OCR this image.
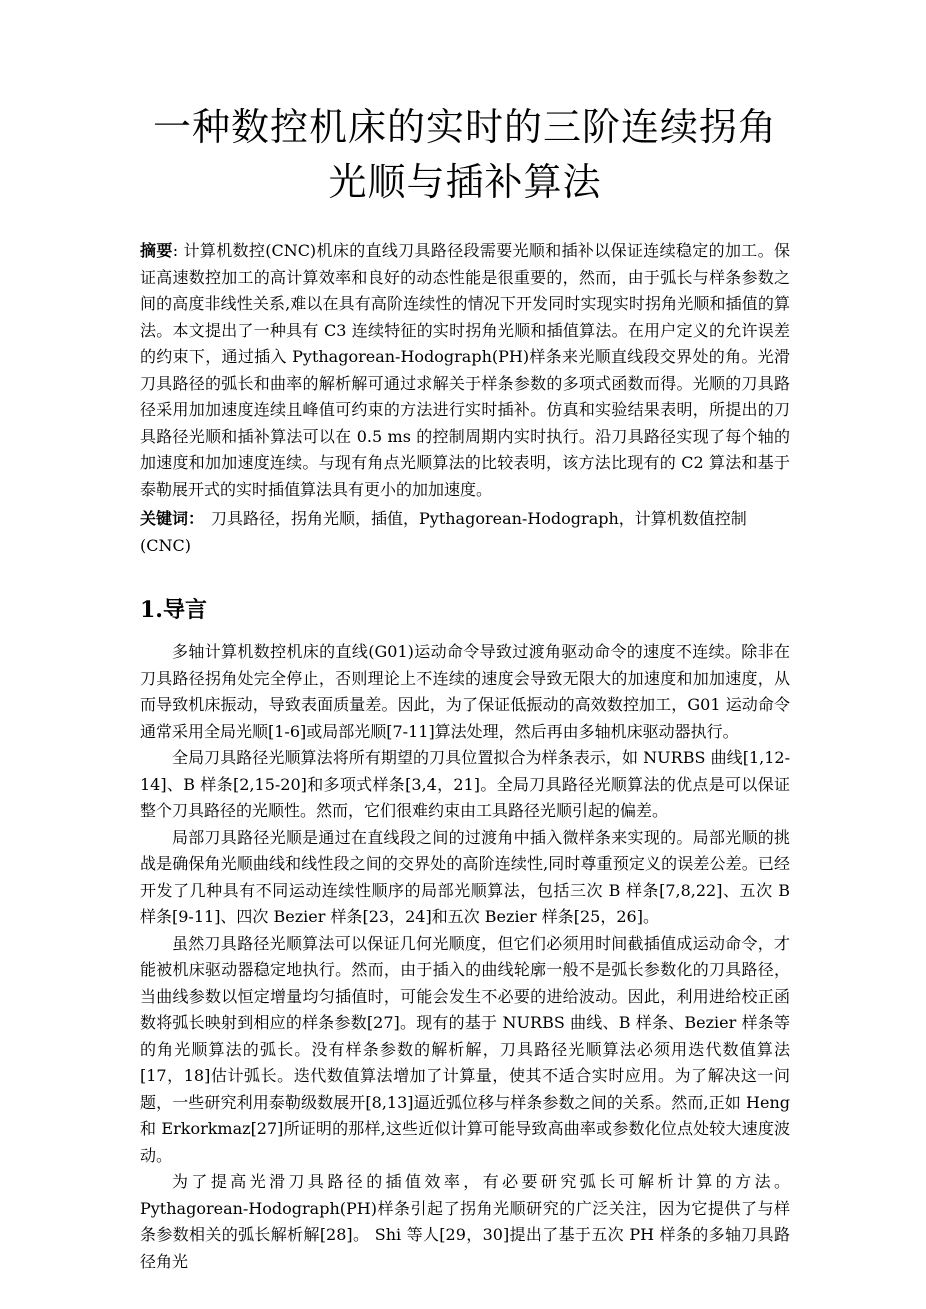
一种数控机床的实时的三阶连续拐角光顺与插补算法

摘要: 计算机数控(CNC)机床的直线刀具路径段需要光顺和插补以保证连续稳定的加工。保证高速数控加工的高计算效率和良好的动态性能是很重要的，然而，由于弧长与样条参数之间的高度非线性关系,难以在具有高阶连续性的情况下开发同时实现实时拐角光顺和插值的算法。本文提出了一种具有 C3 连续特征的实时拐角光顺和插值算法。在用户定义的允许误差的约束下，通过插入 Pythagorean-Hodograph(PH)样条来光顺直线段交界处的角。光滑刀具路径的弧长和曲率的解析解可通过求解关于样条参数的多项式函数而得。光顺的刀具路径采用加加速度连续且峰值可约束的方法进行实时插补。仿真和实验结果表明，所提出的刀具路径光顺和插补算法可以在 0.5 ms 的控制周期内实时执行。沿刀具路径实现了每个轴的加速度和加加速度连续。与现有角点光顺算法的比较表明，该方法比现有的 C2 算法和基于泰勒展开式的实时插值算法具有更小的加加速度。

关键词： 刀具路径，拐角光顺，插值，Pythagorean-Hodograph，计算机数值控制(CNC)

1.导言

多轴计算机数控机床的直线(G01)运动命令导致过渡角驱动命令的速度不连续。除非在刀具路径拐角处完全停止，否则理论上不连续的速度会导致无限大的加速度和加加速度，从而导致机床振动，导致表面质量差。因此，为了保证低振动的高效数控加工，G01 运动命令通常采用全局光顺[1-6]或局部光顺[7-11]算法处理，然后再由多轴机床驱动器执行。

全局刀具路径光顺算法将所有期望的刀具位置拟合为样条表示，如 NURBS 曲线[1,12-14]、B 样条[2,15-20]和多项式样条[3,4，21]。全局刀具路径光顺算法的优点是可以保证整个刀具路径的光顺性。然而，它们很难约束由工具路径光顺引起的偏差。

局部刀具路径光顺是通过在直线段之间的过渡角中插入微样条来实现的。局部光顺的挑战是确保角光顺曲线和线性段之间的交界处的高阶连续性,同时尊重预定义的误差公差。已经开发了几种具有不同运动连续性顺序的局部光顺算法，包括三次 B 样条[7,8,22]、五次 B 样条[9-11]、四次 Bezier 样条[23，24]和五次 Bezier 样条[25，26]。

虽然刀具路径光顺算法可以保证几何光顺度，但它们必须用时间截插值成运动命令，才能被机床驱动器稳定地执行。然而，由于插入的曲线轮廓一般不是弧长参数化的刀具路径，当曲线参数以恒定增量均匀插值时，可能会发生不必要的进给波动。因此，利用进给校正函数将弧长映射到相应的样条参数[27]。现有的基于 NURBS 曲线、B 样条、Bezier 样条等的角光顺算法的弧长。没有样条参数的解析解，刀具路径光顺算法必须用迭代数值算法[17，18]估计弧长。迭代数值算法增加了计算量，使其不适合实时应用。为了解决这一问题，一些研究利用泰勒级数展开[8,13]逼近弧位移与样条参数之间的关系。然而,正如 Heng 和 Erkorkmaz[27]所证明的那样,这些近似计算可能导致高曲率或参数化位点处较大速度波动。

为了提高光滑刀具路径的插值效率，有必要研究弧长可解析计算的方法。Pythagorean-Hodograph(PH)样条引起了拐角光顺研究的广泛关注，因为它提供了与样条参数相关的弧长解析解[28]。 Shi 等人[29，30]提出了基于五次 PH 样条的多轴刀具路径角光
